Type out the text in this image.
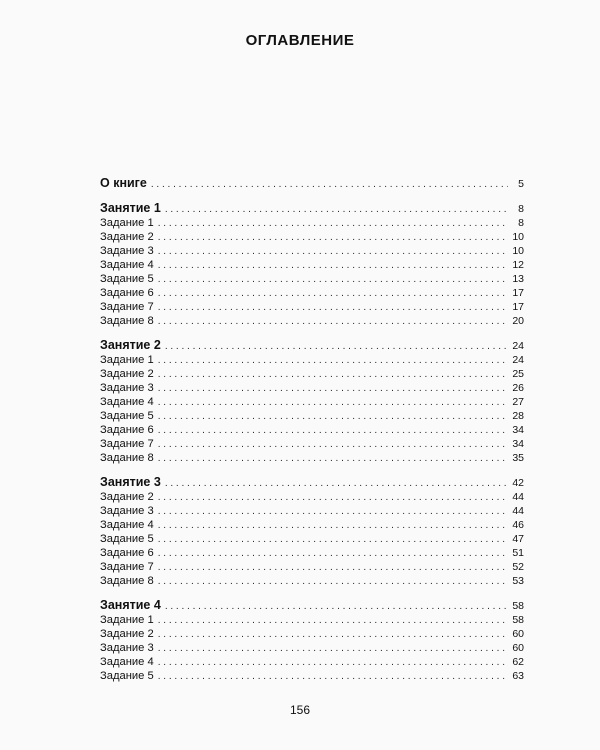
ОГЛАВЛЕНИЕ
О книге . . .	5
Занятие 1 . . .	8
Задание 1 . . .	8
Задание 2 . . .	10
Задание 3 . . .	10
Задание 4 . . .	12
Задание 5 . . .	13
Задание 6 . . .	17
Задание 7 . . .	17
Задание 8 . . .	20
Занятие 2 . . .	24
Задание 1 . . .	24
Задание 2 . . .	25
Задание 3 . . .	26
Задание 4 . . .	27
Задание 5 . . .	28
Задание 6 . . .	34
Задание 7 . . .	34
Задание 8 . . .	35
Занятие 3 . . .	42
Задание 2 . . .	44
Задание 3 . . .	44
Задание 4 . . .	46
Задание 5 . . .	47
Задание 6 . . .	51
Задание 7 . . .	52
Задание 8 . . .	53
Занятие 4 . . .	58
Задание 1 . . .	58
Задание 2 . . .	60
Задание 3 . . .	60
Задание 4 . . .	62
Задание 5 . . .	63
156
